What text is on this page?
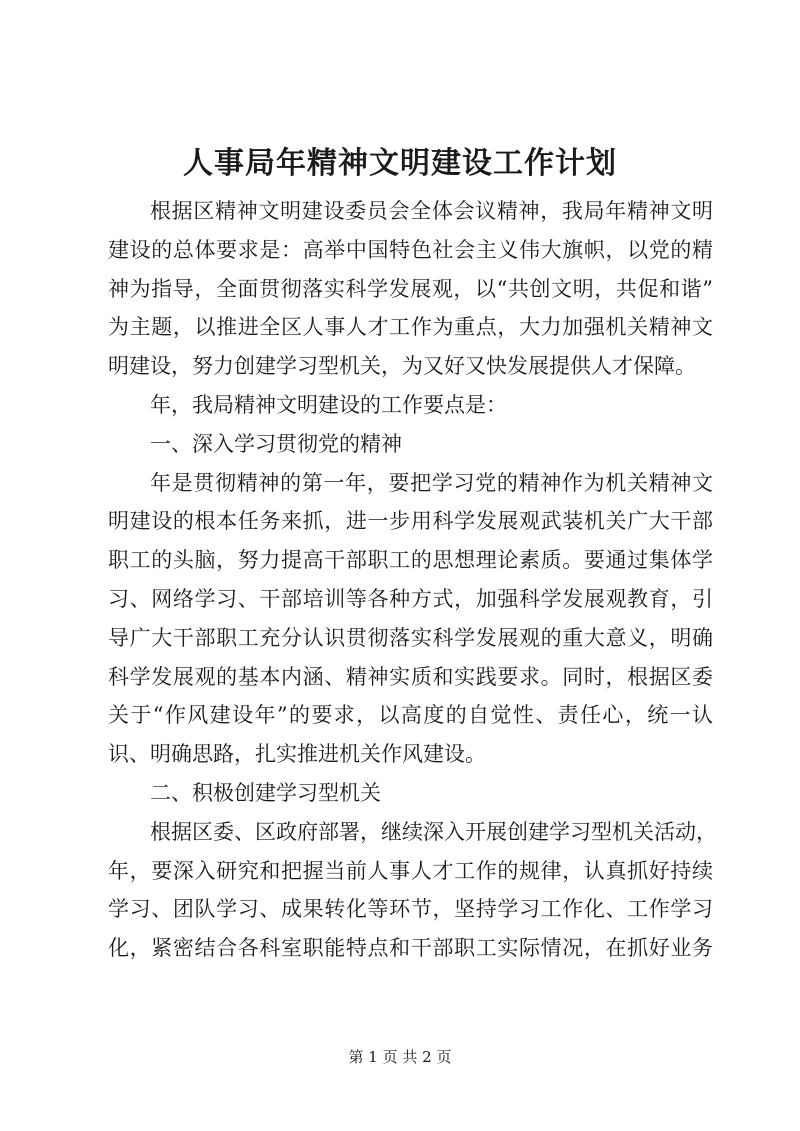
人事局年精神文明建设工作计划
根据区精神文明建设委员会全体会议精神，我局年精神文明
建设的总体要求是：高举中国特色社会主义伟大旗帜，以党的精
神为指导，全面贯彻落实科学发展观，以“共创文明，共促和谐”
为主题，以推进全区人事人才工作为重点，大力加强机关精神文
明建设，努力创建学习型机关，为又好又快发展提供人才保障。
年，我局精神文明建设的工作要点是：
一、深入学习贯彻党的精神
年是贯彻精神的第一年，要把学习党的精神作为机关精神文
明建设的根本任务来抓，进一步用科学发展观武装机关广大干部
职工的头脑，努力提高干部职工的思想理论素质。要通过集体学
习、网络学习、干部培训等各种方式，加强科学发展观教育，引
导广大干部职工充分认识贯彻落实科学发展观的重大意义，明确
科学发展观的基本内涵、精神实质和实践要求。同时，根据区委
关于“作风建设年”的要求，以高度的自觉性、责任心，统一认
识、明确思路，扎实推进机关作风建设。
二、积极创建学习型机关
根据区委、区政府部署，继续深入开展创建学习型机关活动，
年，要深入研究和把握当前人事人才工作的规律，认真抓好持续
学习、团队学习、成果转化等环节，坚持学习工作化、工作学习
化，紧密结合各科室职能特点和干部职工实际情况，在抓好业务
第 1 页 共 2 页
